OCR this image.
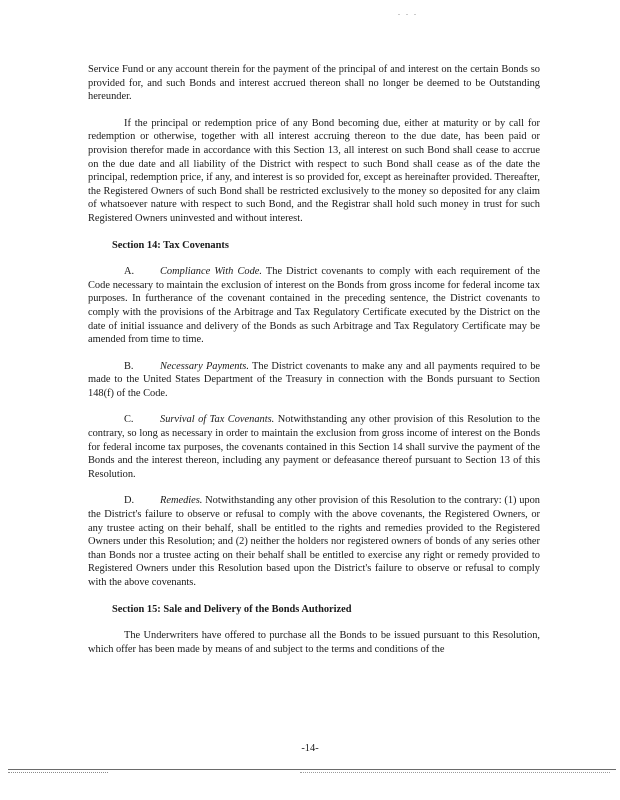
. . .

Service Fund or any account therein for the payment of the principal of and interest on the certain Bonds so provided for, and such Bonds and interest accrued thereon shall no longer be deemed to be Outstanding hereunder.

If the principal or redemption price of any Bond becoming due, either at maturity or by call for redemption or otherwise, together with all interest accruing thereon to the due date, has been paid or provision therefor made in accordance with this Section 13, all interest on such Bond shall cease to accrue on the due date and all liability of the District with respect to such Bond shall cease as of the date the principal, redemption price, if any, and interest is so provided for, except as hereinafter provided. Thereafter, the Registered Owners of such Bond shall be restricted exclusively to the money so deposited for any claim of whatsoever nature with respect to such Bond, and the Registrar shall hold such money in trust for such Registered Owners uninvested and without interest.

Section 14: Tax Covenants

A. Compliance With Code. The District covenants to comply with each requirement of the Code necessary to maintain the exclusion of interest on the Bonds from gross income for federal income tax purposes. In furtherance of the covenant contained in the preceding sentence, the District covenants to comply with the provisions of the Arbitrage and Tax Regulatory Certificate executed by the District on the date of initial issuance and delivery of the Bonds as such Arbitrage and Tax Regulatory Certificate may be amended from time to time.

B.	Necessary Payments. The District covenants to make any and all payments required to be made to the United States Department of the Treasury in connection with the Bonds pursuant to Section 148(f) of the Code.

C.	Survival of Tax Covenants. Notwithstanding any other provision of this Resolution to the contrary, so long as necessary in order to maintain the exclusion from gross income of interest on the Bonds for federal income tax purposes, the covenants contained in this Section 14 shall survive the payment of the Bonds and the interest thereon, including any payment or defeasance thereof pursuant to Section 13 of this Resolution.

D. Remedies. Notwithstanding any other provision of this Resolution to the contrary: (1) upon the District's failure to observe or refusal to comply with the above covenants, the Registered Owners, or any trustee acting on their behalf, shall be entitled to the rights and remedies provided to the Registered Owners under this Resolution; and (2) neither the holders nor registered owners of bonds of any series other than Bonds nor a trustee acting on their behalf shall be entitled to exercise any right or remedy provided to Registered Owners under this Resolution based upon the District's failure to observe or refusal to comply with the above covenants.

Section 15: Sale and Delivery of the Bonds Authorized

The Underwriters have offered to purchase all the Bonds to be issued pursuant to this Resolution, which offer has been made by means of and subject to the terms and conditions of the

-14-
